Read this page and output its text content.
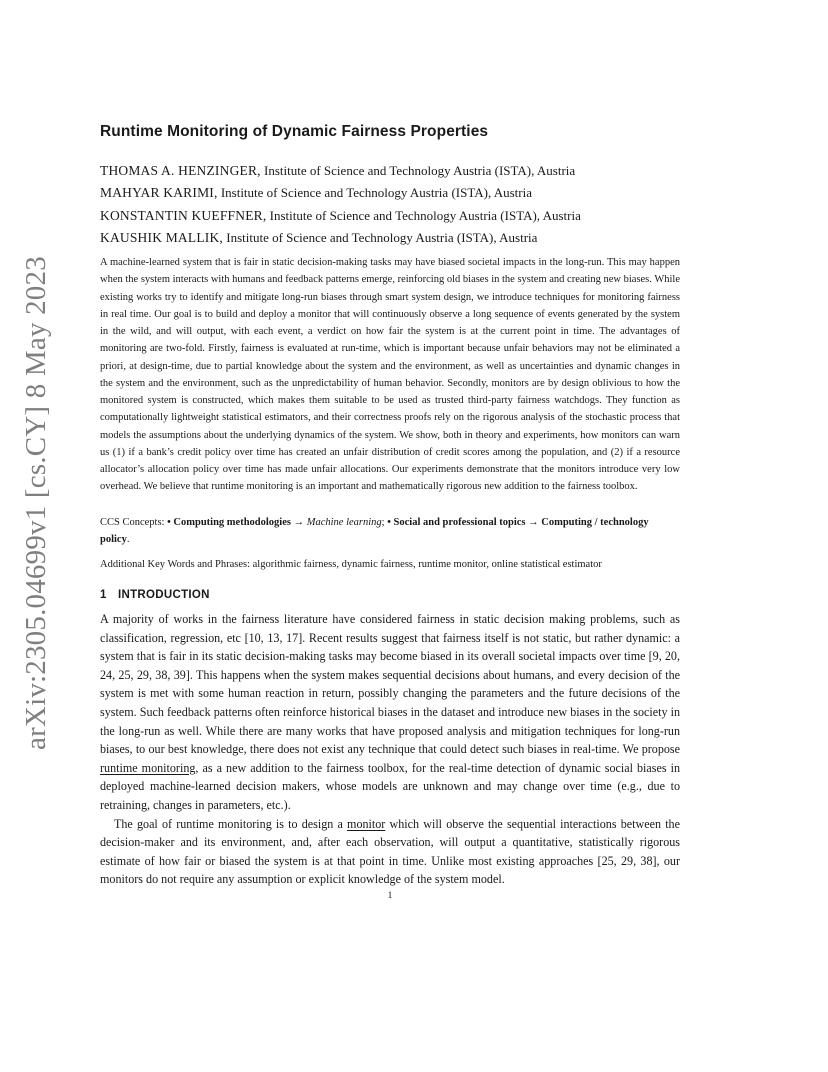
arXiv:2305.04699v1 [cs.CY] 8 May 2023
Runtime Monitoring of Dynamic Fairness Properties
THOMAS A. HENZINGER, Institute of Science and Technology Austria (ISTA), Austria
MAHYAR KARIMI, Institute of Science and Technology Austria (ISTA), Austria
KONSTANTIN KUEFFNER, Institute of Science and Technology Austria (ISTA), Austria
KAUSHIK MALLIK, Institute of Science and Technology Austria (ISTA), Austria
A machine-learned system that is fair in static decision-making tasks may have biased societal impacts in the long-run. This may happen when the system interacts with humans and feedback patterns emerge, reinforcing old biases in the system and creating new biases. While existing works try to identify and mitigate long-run biases through smart system design, we introduce techniques for monitoring fairness in real time. Our goal is to build and deploy a monitor that will continuously observe a long sequence of events generated by the system in the wild, and will output, with each event, a verdict on how fair the system is at the current point in time. The advantages of monitoring are two-fold. Firstly, fairness is evaluated at run-time, which is important because unfair behaviors may not be eliminated a priori, at design-time, due to partial knowledge about the system and the environment, as well as uncertainties and dynamic changes in the system and the environment, such as the unpredictability of human behavior. Secondly, monitors are by design oblivious to how the monitored system is constructed, which makes them suitable to be used as trusted third-party fairness watchdogs. They function as computationally lightweight statistical estimators, and their correctness proofs rely on the rigorous analysis of the stochastic process that models the assumptions about the underlying dynamics of the system. We show, both in theory and experiments, how monitors can warn us (1) if a bank’s credit policy over time has created an unfair distribution of credit scores among the population, and (2) if a resource allocator’s allocation policy over time has made unfair allocations. Our experiments demonstrate that the monitors introduce very low overhead. We believe that runtime monitoring is an important and mathematically rigorous new addition to the fairness toolbox.
CCS Concepts: • Computing methodologies → Machine learning; • Social and professional topics → Computing / technology policy.
Additional Key Words and Phrases: algorithmic fairness, dynamic fairness, runtime monitor, online statistical estimator
1 INTRODUCTION

A majority of works in the fairness literature have considered fairness in static decision making problems, such as classification, regression, etc [10, 13, 17]. Recent results suggest that fairness itself is not static, but rather dynamic: a system that is fair in its static decision-making tasks may become biased in its overall societal impacts over time [9, 20, 24, 25, 29, 38, 39]. This happens when the system makes sequential decisions about humans, and every decision of the system is met with some human reaction in return, possibly changing the parameters and the future decisions of the system. Such feedback patterns often reinforce historical biases in the dataset and introduce new biases in the society in the long-run as well. While there are many works that have proposed analysis and mitigation techniques for long-run biases, to our best knowledge, there does not exist any technique that could detect such biases in real-time. We propose runtime monitoring, as a new addition to the fairness toolbox, for the real-time detection of dynamic social biases in deployed machine-learned decision makers, whose models are unknown and may change over time (e.g., due to retraining, changes in parameters, etc.).

The goal of runtime monitoring is to design a monitor which will observe the sequential interactions between the decision-maker and its environment, and, after each observation, will output a quantitative, statistically rigorous estimate of how fair or biased the system is at that point in time. Unlike most existing approaches [25, 29, 38], our monitors do not require any assumption or explicit knowledge of the system model.

1
